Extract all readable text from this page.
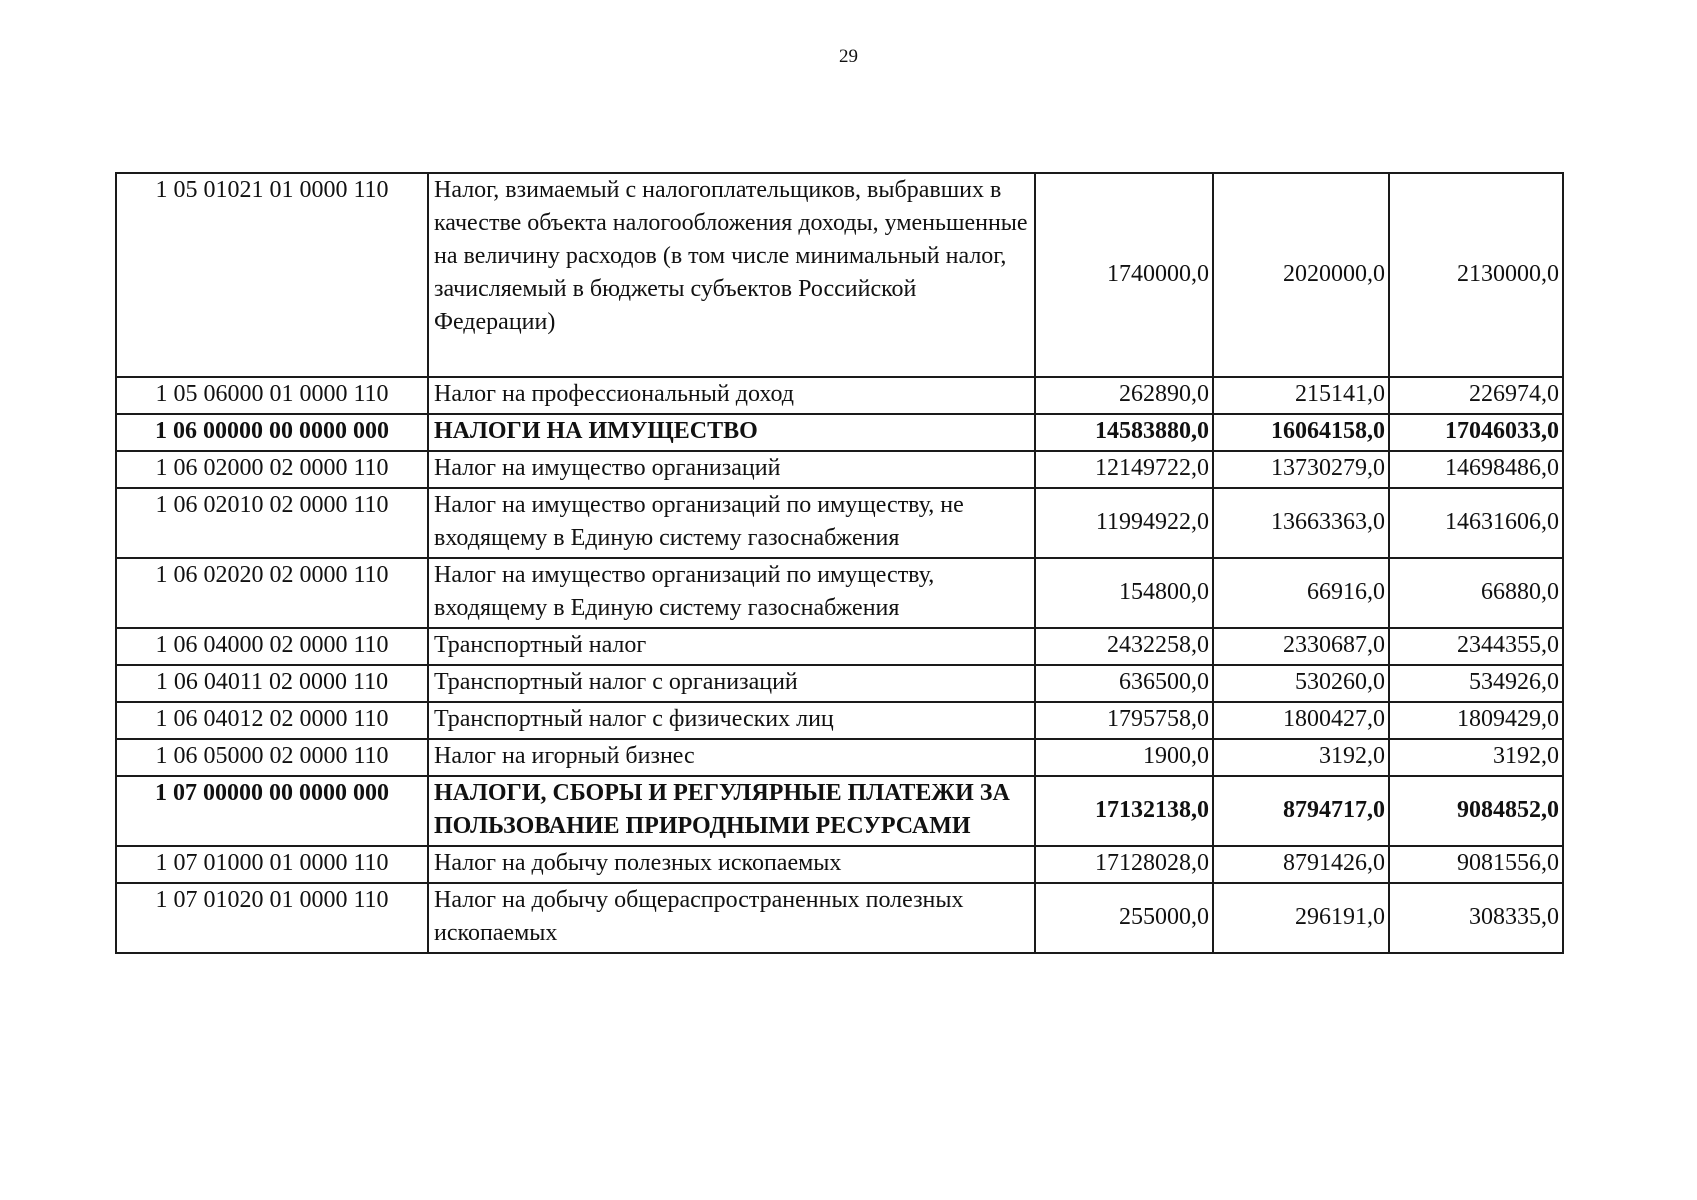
29
1 05 01021 01 0000 110	Налог, взимаемый с налогоплательщиков, выбравших в качестве объекта налогообложения доходы, уменьшенные на величину расходов (в том числе минимальный налог, зачисляемый в бюджеты субъектов Российской Федерации)	1740000,0	2020000,0	2130000,0
1 05 06000 01 0000 110	Налог на профессиональный доход	262890,0	215141,0	226974,0
1 06 00000 00 0000 000	НАЛОГИ НА ИМУЩЕСТВО	14583880,0	16064158,0	17046033,0
1 06 02000 02 0000 110	Налог на имущество организаций	12149722,0	13730279,0	14698486,0
1 06 02010 02 0000 110	Налог на имущество организаций по имуществу, не входящему в Единую систему газоснабжения	11994922,0	13663363,0	14631606,0
1 06 02020 02 0000 110	Налог на имущество организаций по имуществу, входящему в Единую систему газоснабжения	154800,0	66916,0	66880,0
1 06 04000 02 0000 110	Транспортный налог	2432258,0	2330687,0	2344355,0
1 06 04011 02 0000 110	Транспортный налог с организаций	636500,0	530260,0	534926,0
1 06 04012 02 0000 110	Транспортный налог с физических лиц	1795758,0	1800427,0	1809429,0
1 06 05000 02 0000 110	Налог на игорный бизнес	1900,0	3192,0	3192,0
1 07 00000 00 0000 000	НАЛОГИ, СБОРЫ И РЕГУЛЯРНЫЕ ПЛАТЕЖИ ЗА ПОЛЬЗОВАНИЕ ПРИРОДНЫМИ РЕСУРСАМИ	17132138,0	8794717,0	9084852,0
1 07 01000 01 0000 110	Налог на добычу полезных ископаемых	17128028,0	8791426,0	9081556,0
1 07 01020 01 0000 110	Налог на добычу общераспространенных полезных ископаемых	255000,0	296191,0	308335,0
